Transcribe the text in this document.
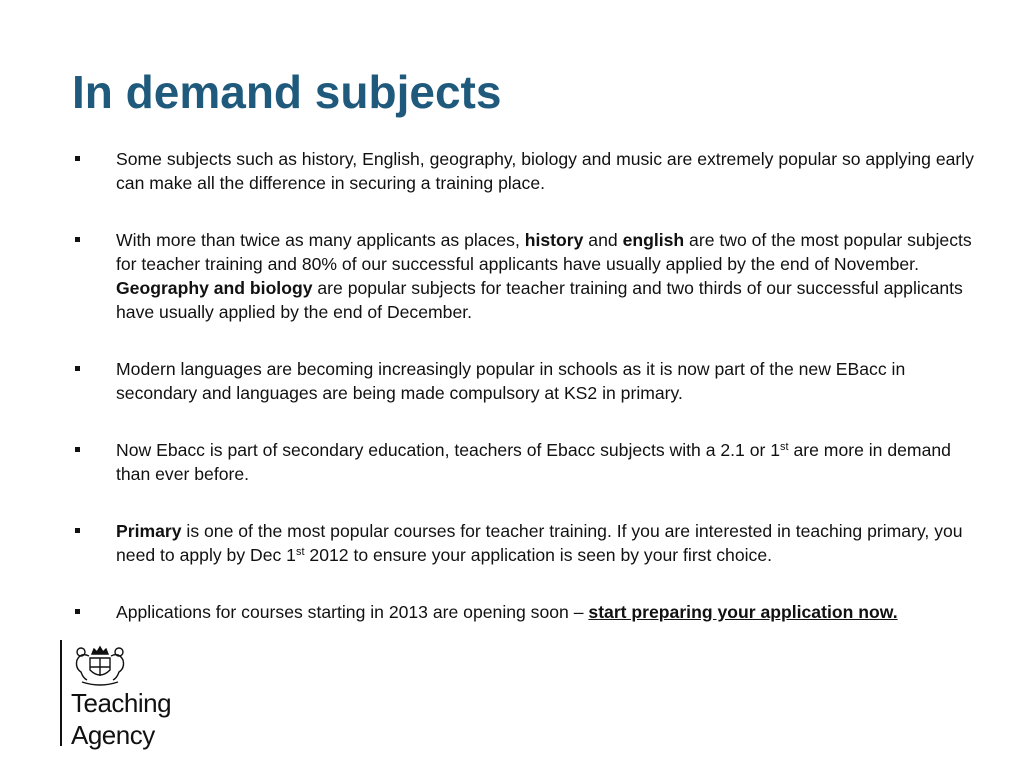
In demand subjects
Some subjects such as history, English, geography, biology and music are extremely popular so applying early can make all the difference in securing a training place.
With more than twice as many applicants as places, history and english are two of the most popular subjects for teacher training and 80% of our successful applicants have usually applied by the end of November. Geography and biology are popular subjects for teacher training and two thirds of our successful applicants have usually applied by the end of December.
Modern languages are becoming increasingly popular in schools as it is now part of the new EBacc in secondary and languages are being made compulsory at KS2 in primary.
Now Ebacc is part of secondary education, teachers of Ebacc subjects with a 2.1 or 1st are more in demand than ever before.
Primary is one of the most popular courses for teacher training. If you are interested in teaching primary, you need to apply by Dec 1st 2012 to ensure your application is seen by your first choice.
Applications for courses starting in 2013 are opening soon – start preparing your application now.
Teaching
Agency
